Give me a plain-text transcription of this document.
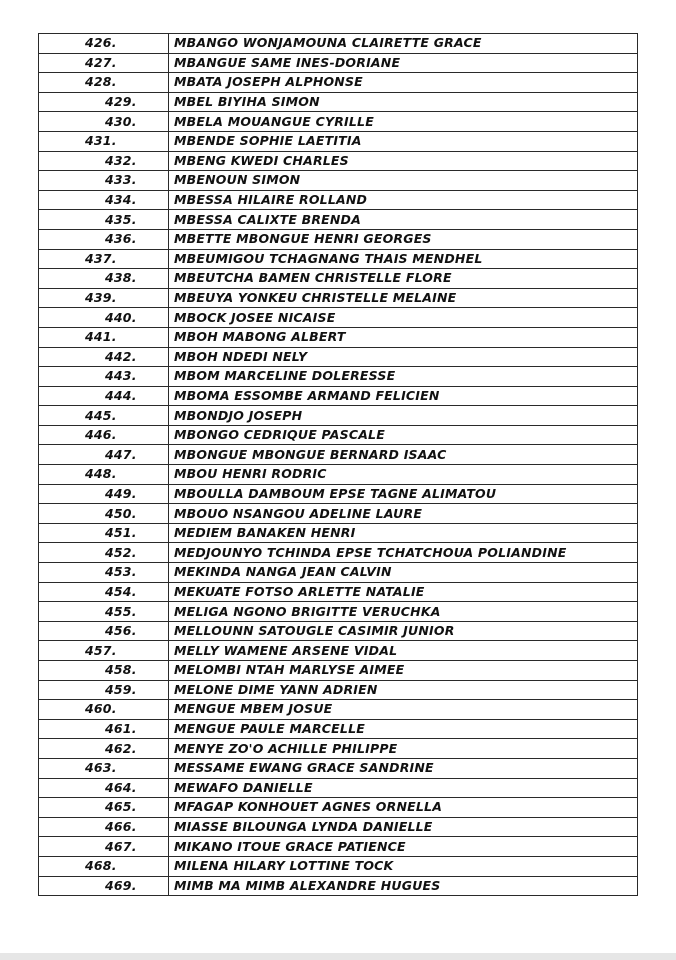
426.	MBANGO WONJAMOUNA CLAIRETTE GRACE
427.	MBANGUE SAME INES-DORIANE
428.	MBATA JOSEPH ALPHONSE
429.	MBEL BIYIHA SIMON
430.	MBELA MOUANGUE CYRILLE
431.	MBENDE SOPHIE LAETITIA
432.	MBENG KWEDI CHARLES
433.	MBENOUN SIMON
434.	MBESSA HILAIRE ROLLAND
435.	MBESSA CALIXTE BRENDA
436.	MBETTE MBONGUE HENRI GEORGES
437.	MBEUMIGOU TCHAGNANG THAIS MENDHEL
438.	MBEUTCHA BAMEN CHRISTELLE FLORE
439.	MBEUYA YONKEU CHRISTELLE MELAINE
440.	MBOCK JOSEE NICAISE
441.	MBOH MABONG ALBERT
442.	MBOH NDEDI NELY
443.	MBOM MARCELINE DOLERESSE
444.	MBOMA ESSOMBE ARMAND FELICIEN
445.	MBONDJO JOSEPH
446.	MBONGO CEDRIQUE PASCALE
447.	MBONGUE MBONGUE BERNARD ISAAC
448.	MBOU HENRI RODRIC
449.	MBOULLA DAMBOUM EPSE TAGNE ALIMATOU
450.	MBOUO NSANGOU ADELINE LAURE
451.	MEDIEM BANAKEN HENRI
452.	MEDJOUNYO TCHINDA EPSE TCHATCHOUA POLIANDINE
453.	MEKINDA NANGA JEAN CALVIN
454.	MEKUATE FOTSO ARLETTE NATALIE
455.	MELIGA NGONO BRIGITTE VERUCHKA
456.	MELLOUNN SATOUGLE CASIMIR JUNIOR
457.	MELLY WAMENE ARSENE VIDAL
458.	MELOMBI NTAH MARLYSE AIMEE
459.	MELONE DIME YANN ADRIEN
460.	MENGUE MBEM JOSUE
461.	MENGUE PAULE MARCELLE
462.	MENYE ZO'O ACHILLE PHILIPPE
463.	MESSAME EWANG GRACE SANDRINE
464.	MEWAFO DANIELLE
465.	MFAGAP KONHOUET AGNES ORNELLA
466.	MIASSE BILOUNGA LYNDA DANIELLE
467.	MIKANO ITOUE GRACE PATIENCE
468.	MILENA HILARY LOTTINE TOCK
469.	MIMB MA MIMB ALEXANDRE HUGUES
